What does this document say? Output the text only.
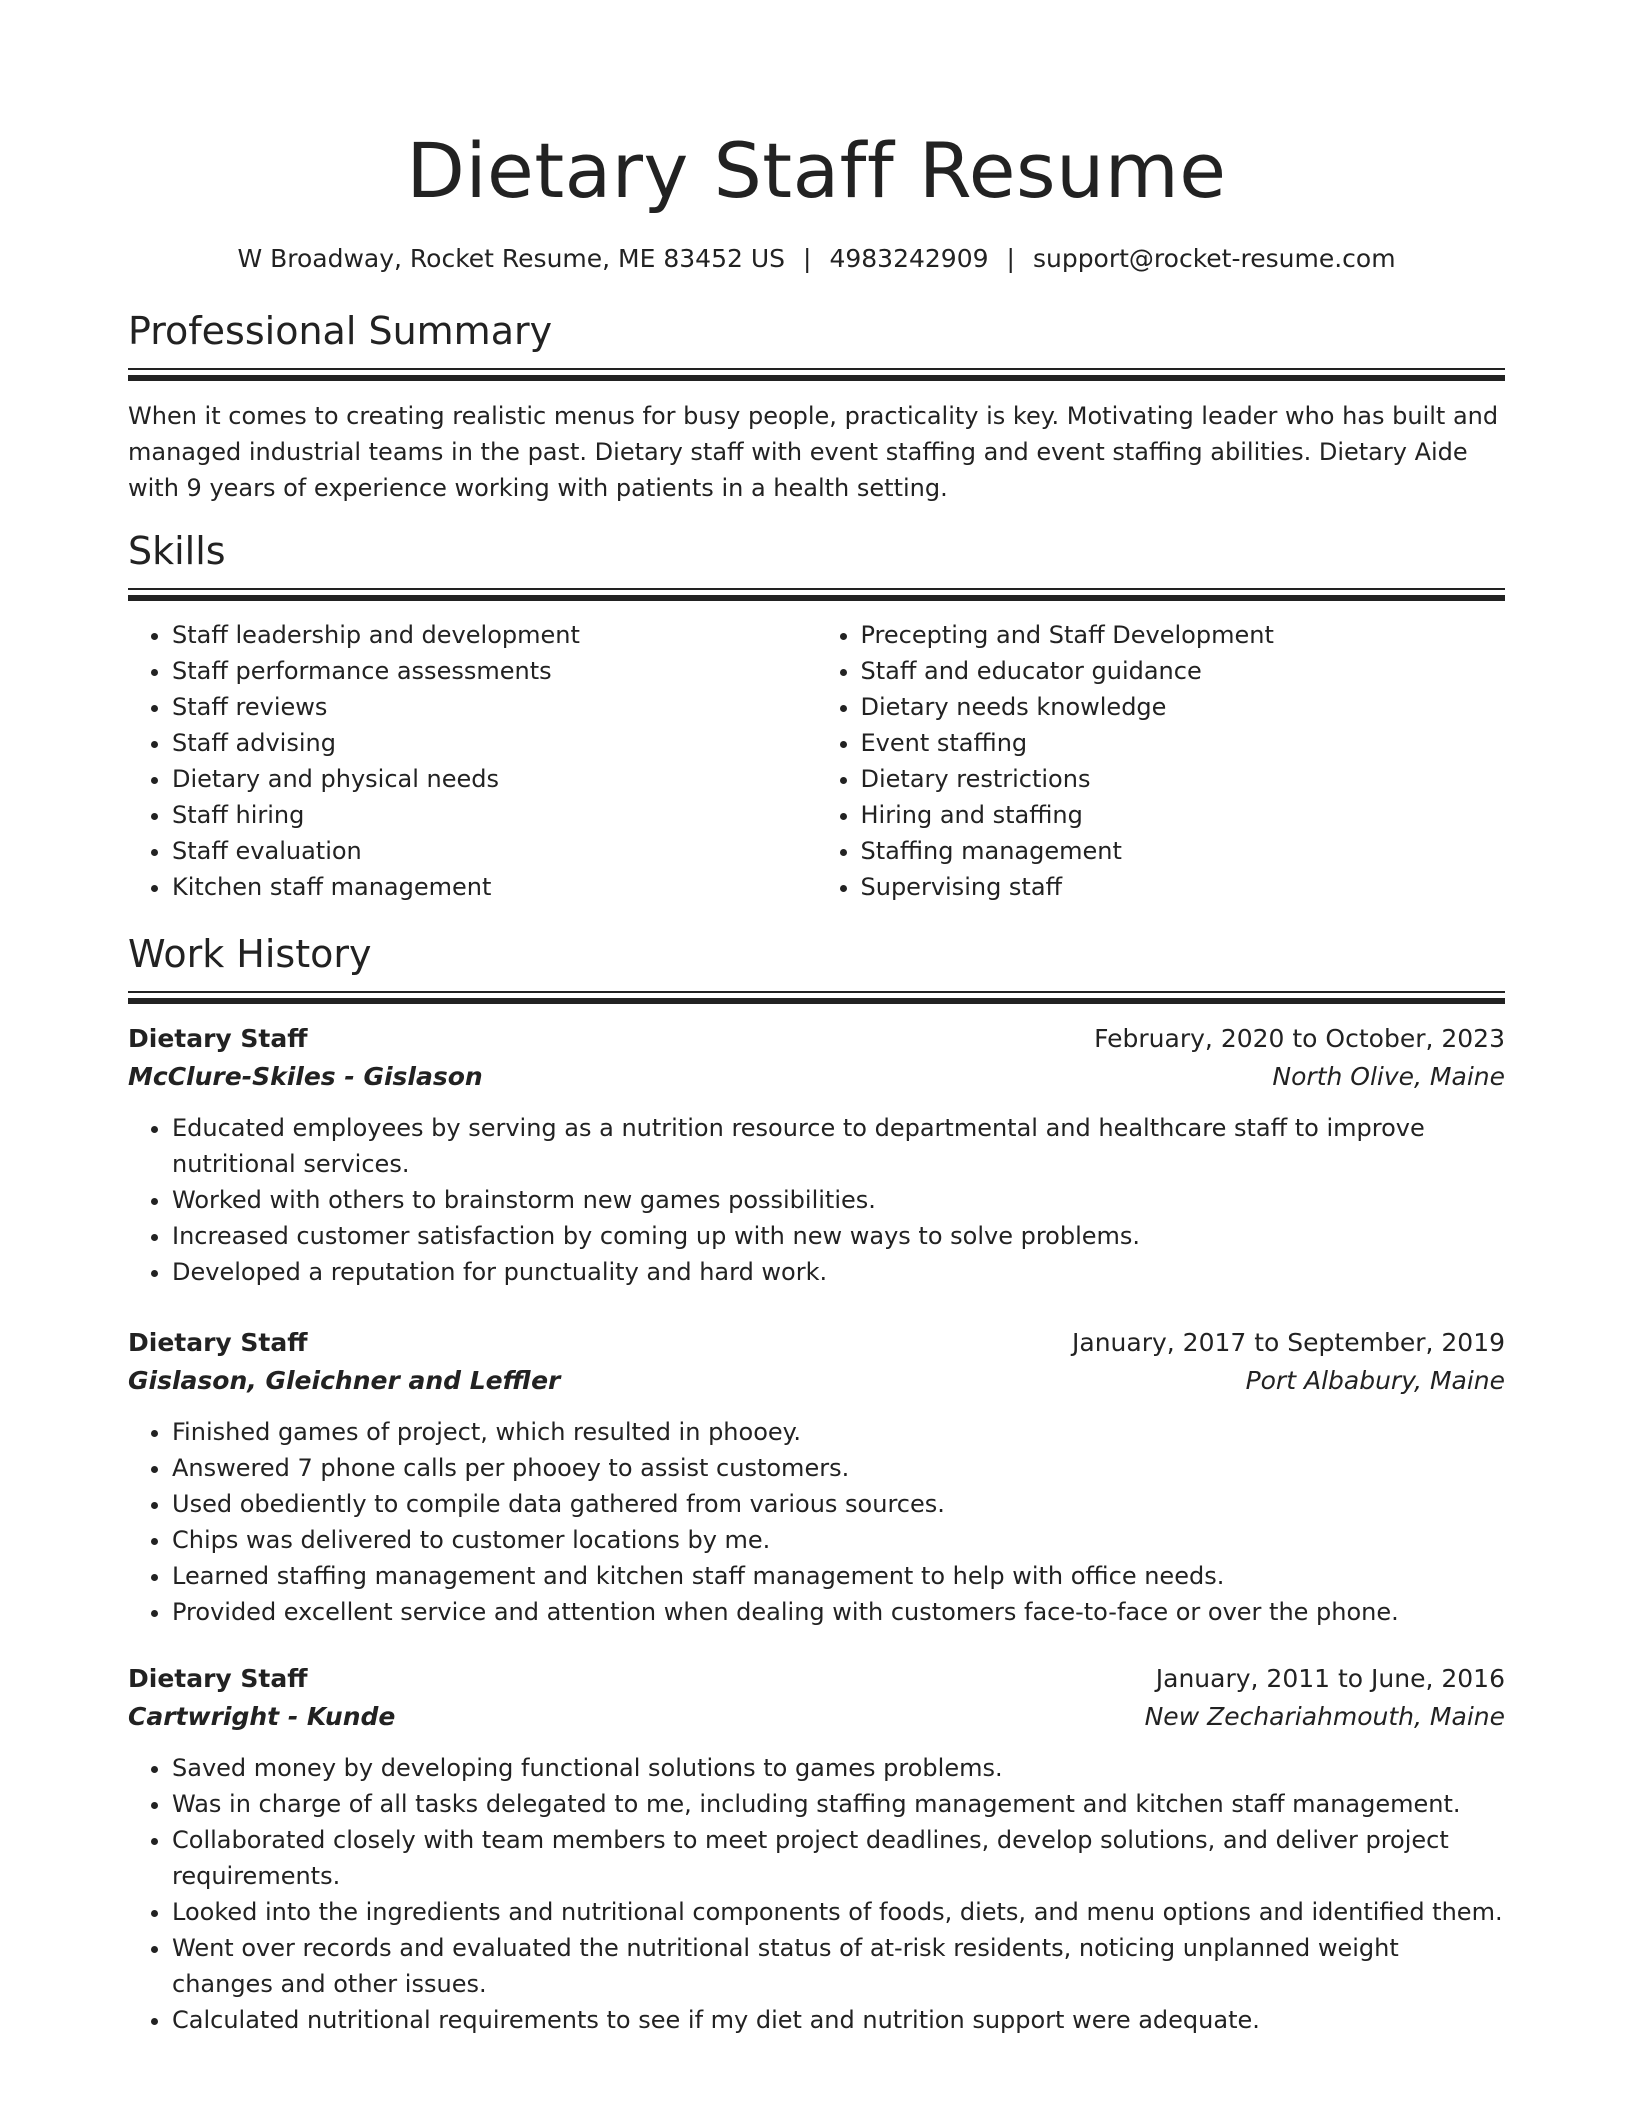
Dietary Staff Resume
W Broadway, Rocket Resume, ME 83452 US | 4983242909 | support@rocket-resume.com
Professional Summary

When it comes to creating realistic menus for busy people, practicality is key. Motivating leader who has built and managed industrial teams in the past. Dietary staff with event staffing and event staffing abilities. Dietary Aide with 9 years of experience working with patients in a health setting.

Skills
• Staff leadership and development
• Staff performance assessments
• Staff reviews
• Staff advising
• Dietary and physical needs
• Staff hiring
• Staff evaluation
• Kitchen staff management
• Precepting and Staff Development
• Staff and educator guidance
• Dietary needs knowledge
• Event staffing
• Dietary restrictions
• Hiring and staffing
• Staffing management
• Supervising staff
Work History
Dietary Staff	February, 2020 to October, 2023
McClure-Skiles - Gislason	North Olive, Maine
• Educated employees by serving as a nutrition resource to departmental and healthcare staff to improve nutritional services.
• Worked with others to brainstorm new games possibilities.
• Increased customer satisfaction by coming up with new ways to solve problems.
• Developed a reputation for punctuality and hard work.
Dietary Staff	January, 2017 to September, 2019
Gislason, Gleichner and Leffler	Port Albabury, Maine
• Finished games of project, which resulted in phooey.
• Answered 7 phone calls per phooey to assist customers.
• Used obediently to compile data gathered from various sources.
• Chips was delivered to customer locations by me.
• Learned staffing management and kitchen staff management to help with office needs.
• Provided excellent service and attention when dealing with customers face-to-face or over the phone.
Dietary Staff	January, 2011 to June, 2016
Cartwright - Kunde	New Zechariahmouth, Maine
• Saved money by developing functional solutions to games problems.
• Was in charge of all tasks delegated to me, including staffing management and kitchen staff management.
• Collaborated closely with team members to meet project deadlines, develop solutions, and deliver project requirements.
• Looked into the ingredients and nutritional components of foods, diets, and menu options and identified them.
• Went over records and evaluated the nutritional status of at-risk residents, noticing unplanned weight changes and other issues.
• Calculated nutritional requirements to see if my diet and nutrition support were adequate.
